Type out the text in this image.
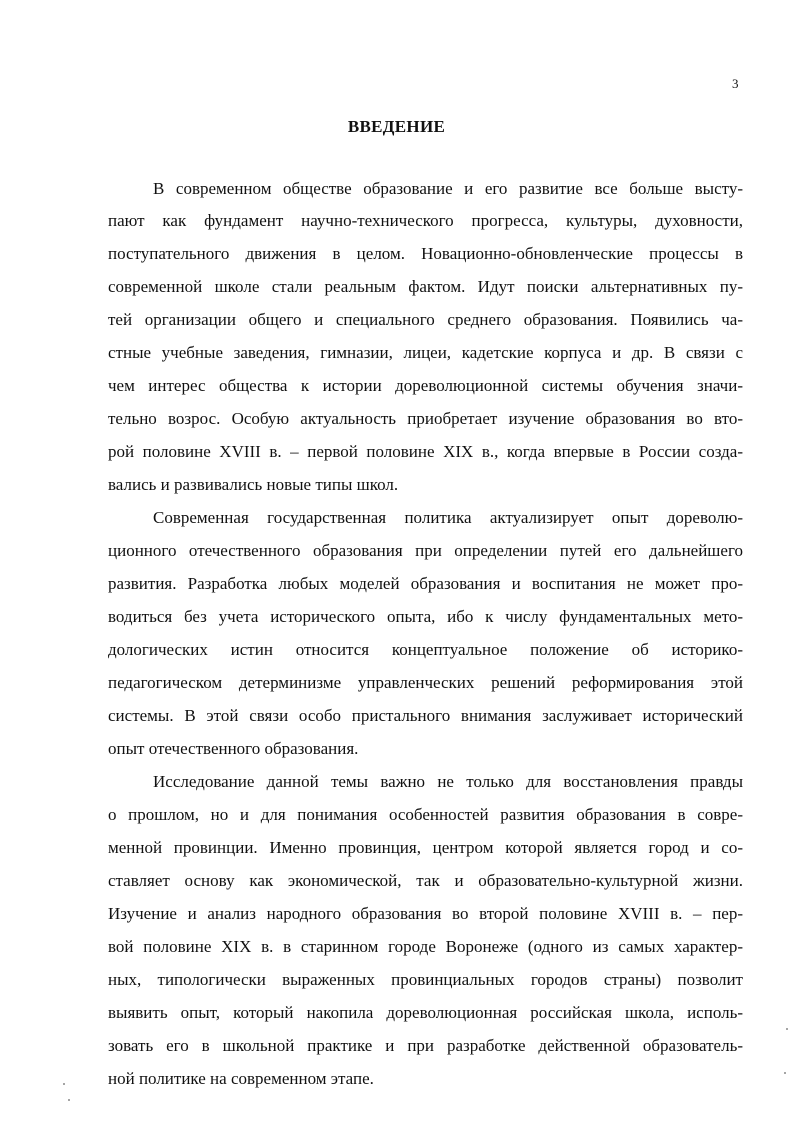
3
ВВЕДЕНИЕ
В современном обществе образование и его развитие все больше высту-
пают как фундамент научно-технического прогресса, культуры, духовности,
поступательного движения в целом. Новационно-обновленческие процессы в
современной школе стали реальным фактом. Идут поиски альтернативных пу-
тей организации общего и специального среднего образования. Появились ча-
стные учебные заведения, гимназии, лицеи, кадетские корпуса и др. В связи с
чем интерес общества к истории дореволюционной системы обучения значи-
тельно возрос. Особую актуальность приобретает изучение образования во вто-
рой половине XVIII в. – первой половине XIX в., когда впервые в России созда-
вались и развивались новые типы школ.
Современная государственная политика актуализирует опыт дореволю-
ционного отечественного образования при определении путей его дальнейшего
развития. Разработка любых моделей образования и воспитания не может про-
водиться без учета исторического опыта, ибо к числу фундаментальных мето-
дологических истин относится концептуальное положение об историко-
педагогическом детерминизме управленческих решений реформирования этой
системы. В этой связи особо пристального внимания заслуживает исторический
опыт отечественного образования.
Исследование данной темы важно не только для восстановления правды
о прошлом, но и для понимания особенностей развития образования в совре-
менной провинции. Именно провинция, центром которой является город и со-
ставляет основу как экономической, так и образовательно-культурной жизни.
Изучение и анализ народного образования во второй половине XVIII в. – пер-
вой половине XIX в. в старинном городе Воронеже (одного из самых характер-
ных, типологически выраженных провинциальных городов страны) позволит
выявить опыт, который накопила дореволюционная российская школа, исполь-
зовать его в школьной практике и при разработке действенной образователь-
ной политике на современном этапе.
